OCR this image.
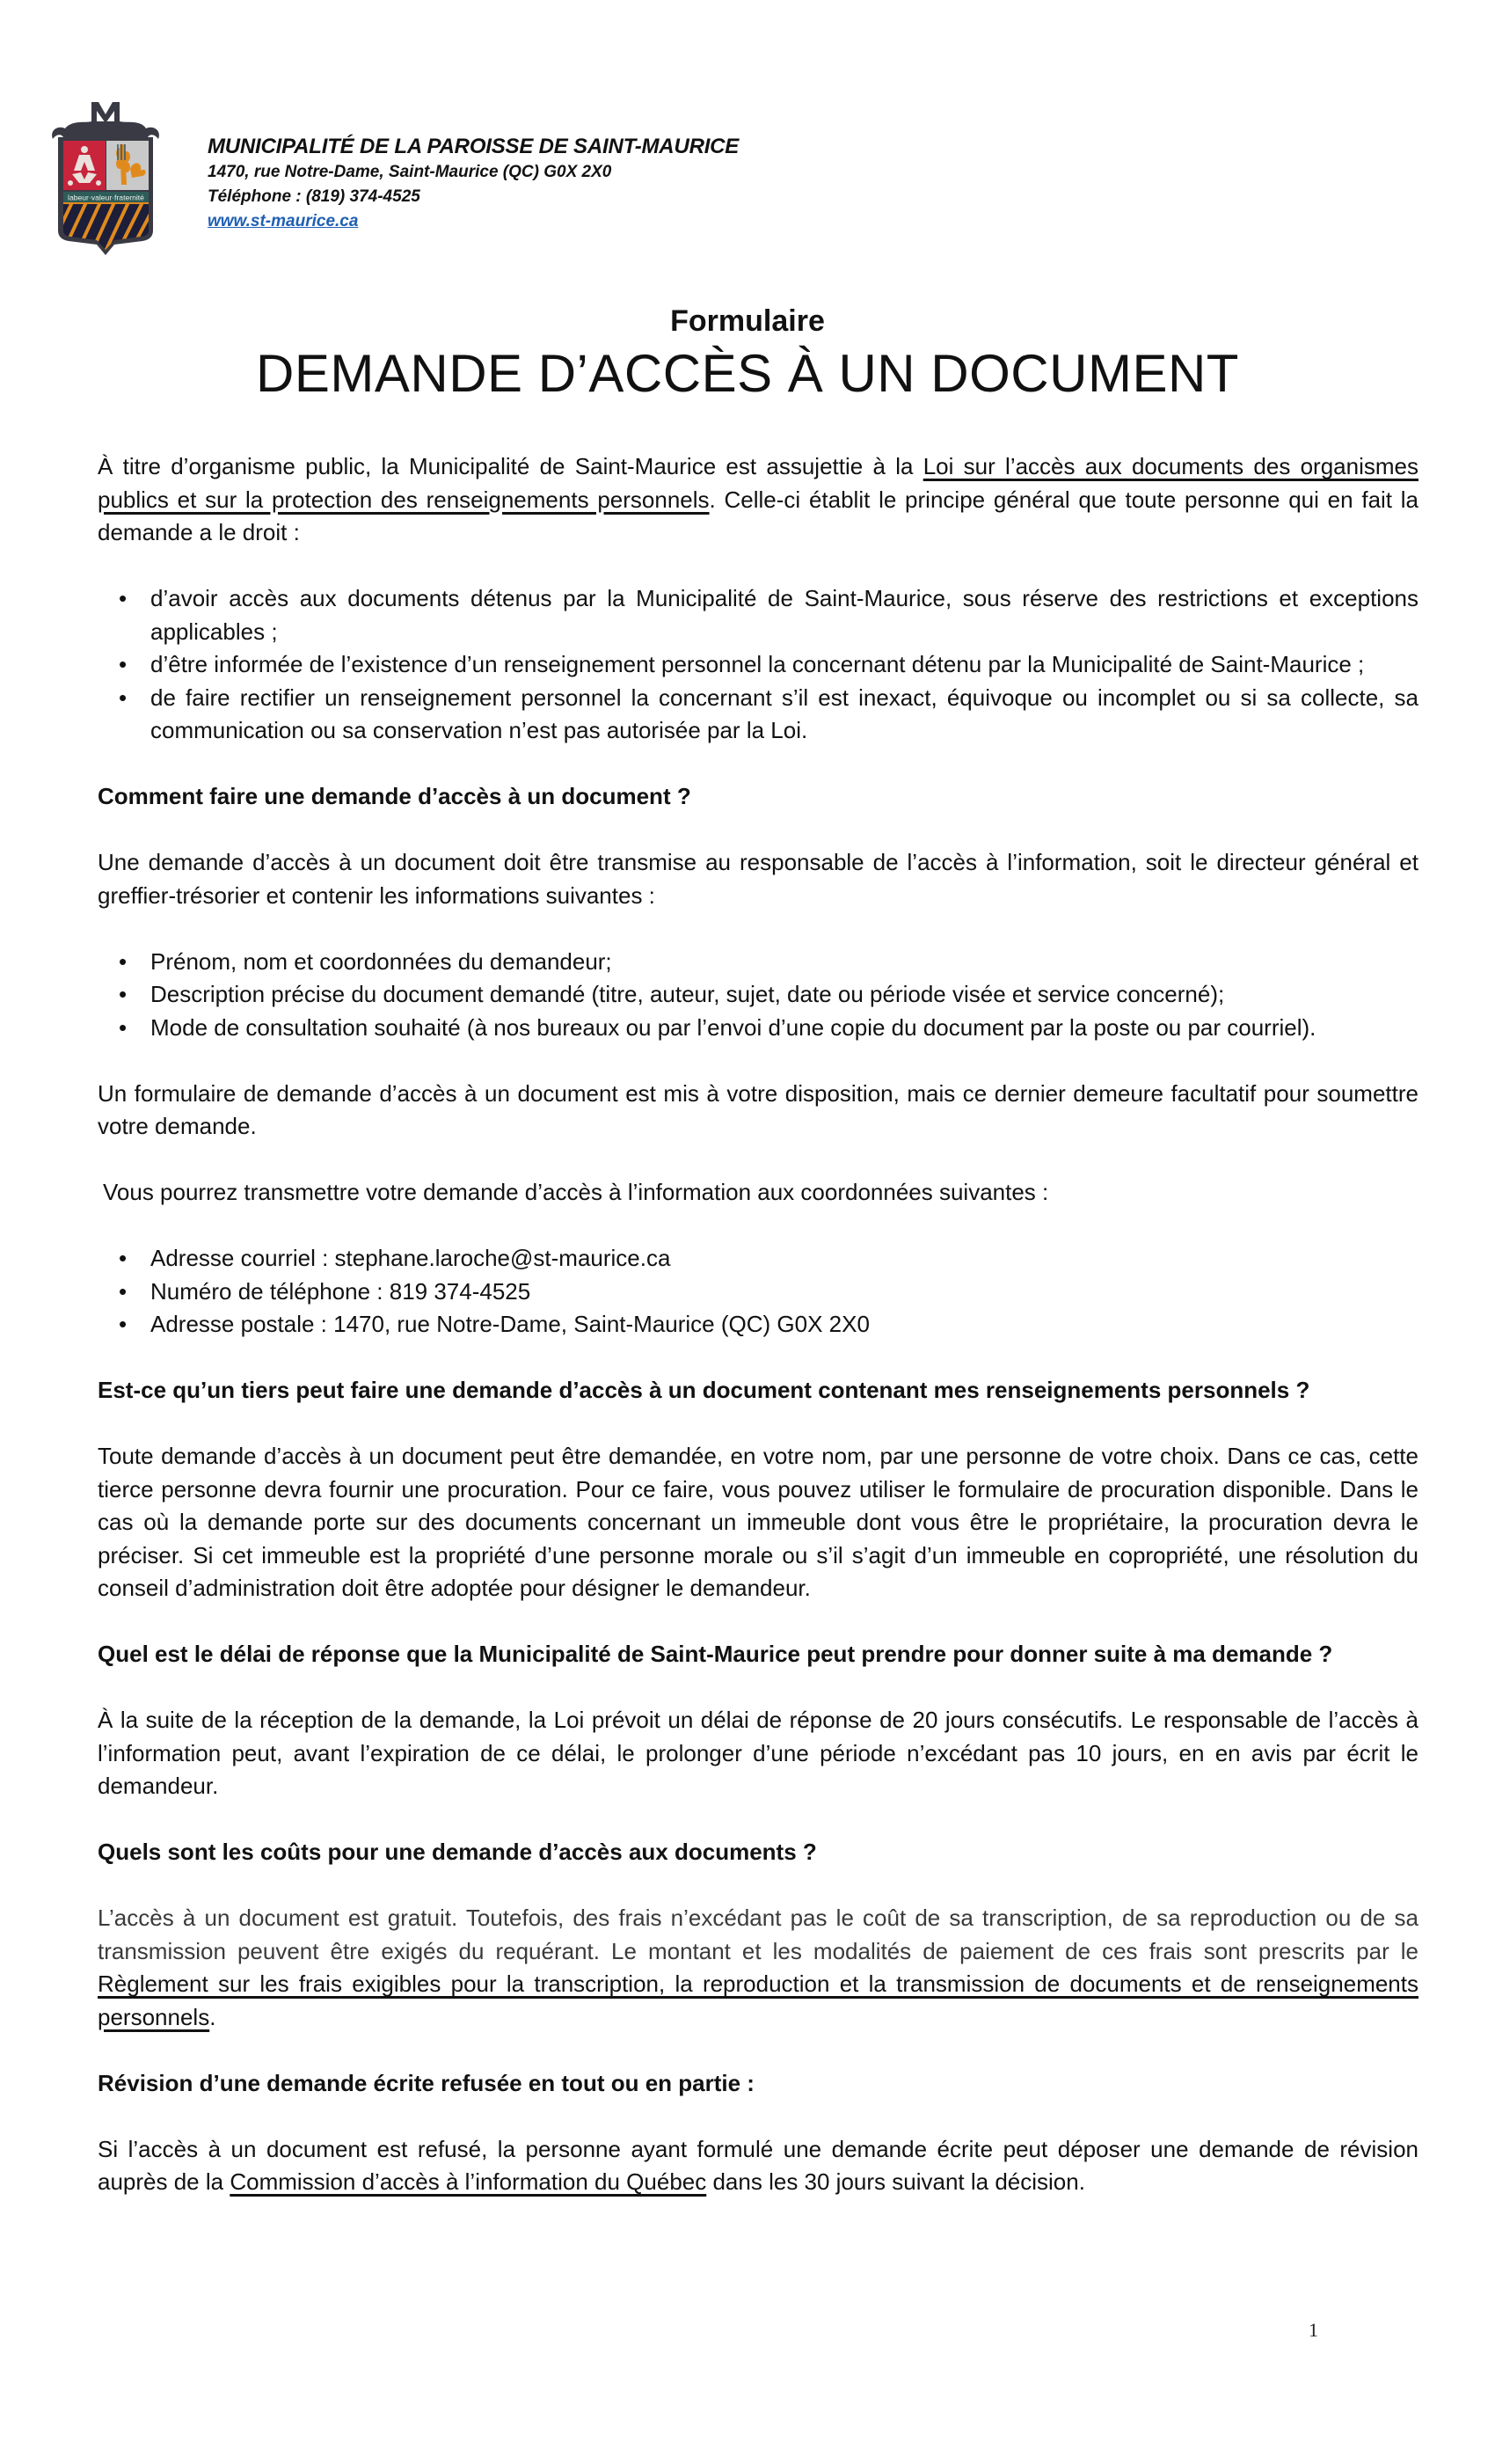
labeur·valeur·fraternité
MUNICIPALITÉ DE LA PAROISSE DE SAINT-MAURICE
1470, rue Notre-Dame, Saint-Maurice (QC) G0X 2X0
Téléphone : (819) 374-4525
www.st-maurice.ca
Formulaire
DEMANDE D’ACCÈS À UN DOCUMENT

À titre d’organisme public, la Municipalité de Saint-Maurice est assujettie à la Loi sur l’accès aux documents des organismes publics et sur la protection des renseignements personnels. Celle-ci établit le principe général que toute personne qui en fait la demande a le droit :

• d’avoir accès aux documents détenus par la Municipalité de Saint-Maurice, sous réserve des restrictions et exceptions applicables ;
• d’être informée de l’existence d’un renseignement personnel la concernant détenu par la Municipalité de Saint-Maurice ;
• de faire rectifier un renseignement personnel la concernant s’il est inexact, équivoque ou incomplet ou si sa collecte, sa communication ou sa conservation n’est pas autorisée par la Loi.
Comment faire une demande d’accès à un document ?

Une demande d’accès à un document doit être transmise au responsable de l’accès à l’information, soit le directeur général et greffier-trésorier et contenir les informations suivantes :

• Prénom, nom et coordonnées du demandeur;
• Description précise du document demandé (titre, auteur, sujet, date ou période visée et service concerné);
• Mode de consultation souhaité (à nos bureaux ou par l’envoi d’une copie du document par la poste ou par courriel).

Un formulaire de demande d’accès à un document est mis à votre disposition, mais ce dernier demeure facultatif pour soumettre votre demande.

Vous pourrez transmettre votre demande d’accès à l’information aux coordonnées suivantes :

• Adresse courriel : stephane.laroche@st-maurice.ca
• Numéro de téléphone : 819 374-4525
• Adresse postale : 1470, rue Notre-Dame, Saint-Maurice (QC) G0X 2X0
Est-ce qu’un tiers peut faire une demande d’accès à un document contenant mes renseignements personnels ?

Toute demande d’accès à un document peut être demandée, en votre nom, par une personne de votre choix. Dans ce cas, cette tierce personne devra fournir une procuration. Pour ce faire, vous pouvez utiliser le formulaire de procuration disponible. Dans le cas où la demande porte sur des documents concernant un immeuble dont vous être le propriétaire, la procuration devra le préciser. Si cet immeuble est la propriété d’une personne morale ou s’il s’agit d’un immeuble en copropriété, une résolution du conseil d’administration doit être adoptée pour désigner le demandeur.

Quel est le délai de réponse que la Municipalité de Saint-Maurice peut prendre pour donner suite à ma demande ?

À la suite de la réception de la demande, la Loi prévoit un délai de réponse de 20 jours consécutifs. Le responsable de l’accès à l’information peut, avant l’expiration de ce délai, le prolonger d’une période n’excédant pas 10 jours, en en avis par écrit le demandeur.

Quels sont les coûts pour une demande d’accès aux documents ?

L’accès à un document est gratuit. Toutefois, des frais n’excédant pas le coût de sa transcription, de sa reproduction ou de sa transmission peuvent être exigés du requérant. Le montant et les modalités de paiement de ces frais sont prescrits par le Règlement sur les frais exigibles pour la transcription, la reproduction et la transmission de documents et de renseignements personnels.

Révision d’une demande écrite refusée en tout ou en partie :

Si l’accès à un document est refusé, la personne ayant formulé une demande écrite peut déposer une demande de révision auprès de la Commission d’accès à l’information du Québec dans les 30 jours suivant la décision.

1
